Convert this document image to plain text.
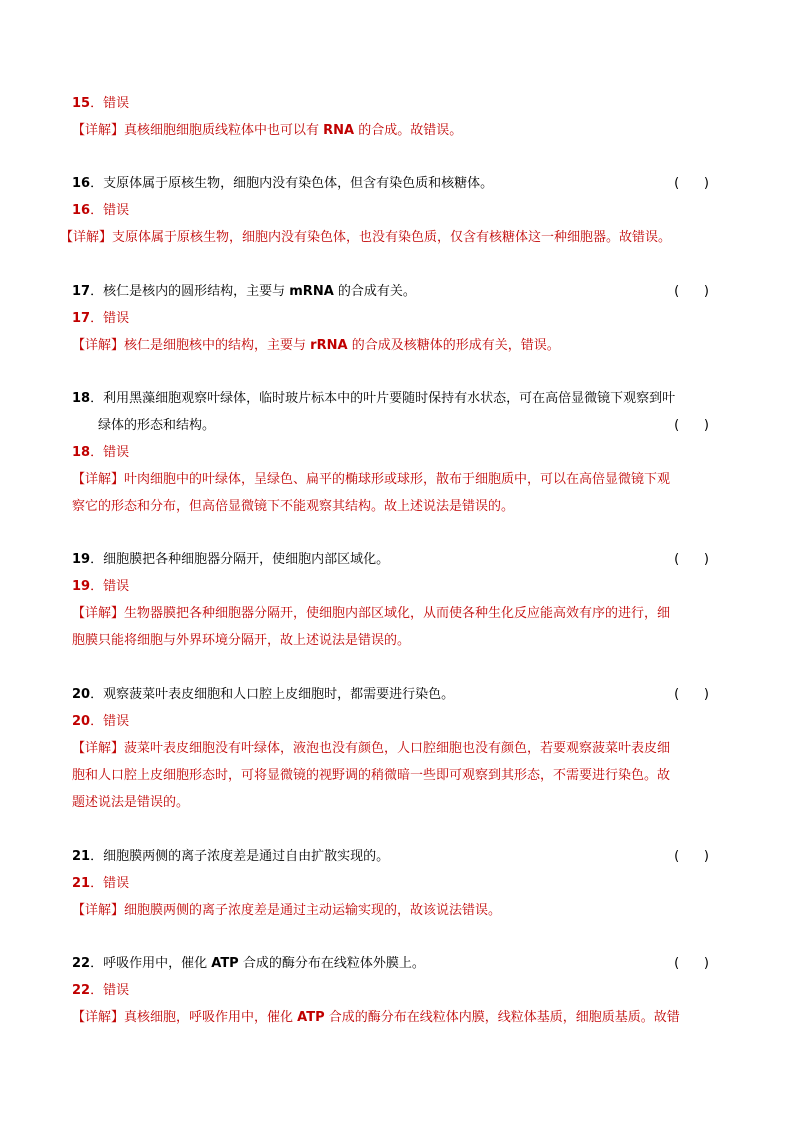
15．错误
【详解】真核细胞细胞质线粒体中也可以有 RNA 的合成。故错误。
16．支原体属于原核生物，细胞内没有染色体，但含有染色质和核糖体。	(      )
16．错误
【详解】支原体属于原核生物，细胞内没有染色体，也没有染色质，仅含有核糖体这一种细胞器。故错误。
17．核仁是核内的圆形结构，主要与 mRNA 的合成有关。	(      )
17．错误
【详解】核仁是细胞核中的结构，主要与 rRNA 的合成及核糖体的形成有关，错误。
18．利用黑藻细胞观察叶绿体，临时玻片标本中的叶片要随时保持有水状态，可在高倍显微镜下观察到叶
绿体的形态和结构。	(      )
18．错误
【详解】叶肉细胞中的叶绿体，呈绿色、扁平的椭球形或球形，散布于细胞质中，可以在高倍显微镜下观
察它的形态和分布，但高倍显微镜下不能观察其结构。故上述说法是错误的。
19．细胞膜把各种细胞器分隔开，使细胞内部区域化。	(      )
19．错误
【详解】生物器膜把各种细胞器分隔开，使细胞内部区域化，从而使各种生化反应能高效有序的进行，细
胞膜只能将细胞与外界环境分隔开，故上述说法是错误的。
20．观察菠菜叶表皮细胞和人口腔上皮细胞时，都需要进行染色。	(      )
20．错误
【详解】菠菜叶表皮细胞没有叶绿体，液泡也没有颜色，人口腔细胞也没有颜色，若要观察菠菜叶表皮细
胞和人口腔上皮细胞形态时，可将显微镜的视野调的稍微暗一些即可观察到其形态，不需要进行染色。故
题述说法是错误的。
21．细胞膜两侧的离子浓度差是通过自由扩散实现的。	(      )
21．错误
【详解】细胞膜两侧的离子浓度差是通过主动运输实现的，故该说法错误。
22．呼吸作用中，催化 ATP 合成的酶分布在线粒体外膜上。	(      )
22．错误
【详解】真核细胞，呼吸作用中，催化 ATP 合成的酶分布在线粒体内膜，线粒体基质，细胞质基质。故错
